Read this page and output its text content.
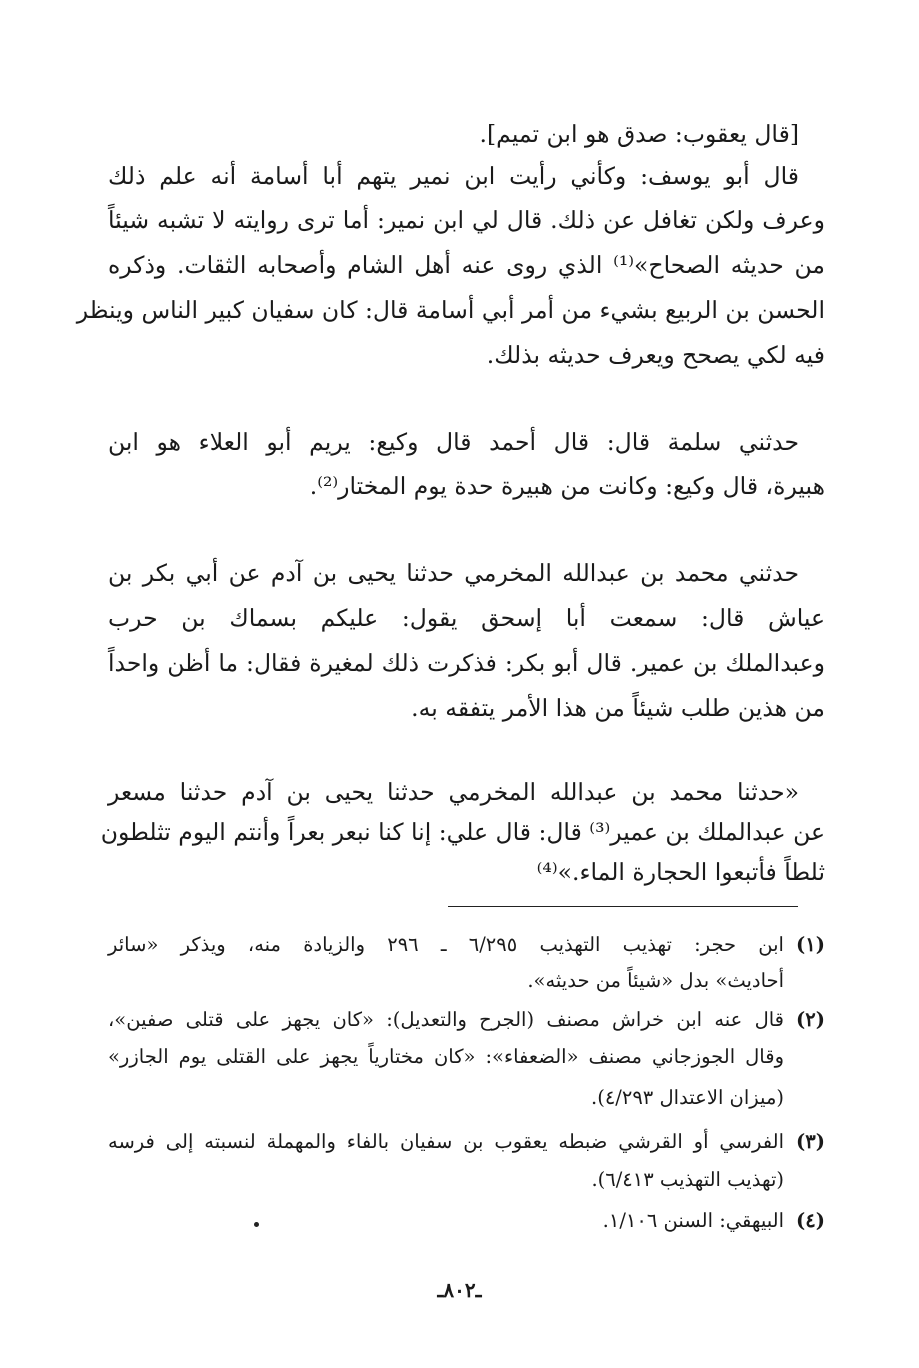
[قال يعقوب: صدق هو ابن تميم].
قال أبو يوسف: وكأني رأيت ابن نمير يتهم أبا أسامة أنه علم ذلك
وعرف ولكن تغافل عن ذلك. قال لي ابن نمير: أما ترى روايته لا تشبه شيئاً
من حديثه الصحاح»⁽¹⁾ الذي روى عنه أهل الشام وأصحابه الثقات. وذكره
الحسن بن الربيع بشيء من أمر أبي أسامة قال: كان سفيان كبير الناس وينظر
فيه لكي يصحح ويعرف حديثه بذلك.
حدثني سلمة قال: قال أحمد قال وكيع: يريم أبو العلاء هو ابن
هبيرة، قال وكيع: وكانت من هبيرة حدة يوم المختار⁽²⁾.
حدثني محمد بن عبدالله المخرمي حدثنا يحيى بن آدم عن أبي بكر بن
عياش قال: سمعت أبا إسحق يقول: عليكم بسماك بن حرب
وعبدالملك بن عمير. قال أبو بكر: فذكرت ذلك لمغيرة فقال: ما أظن واحداً
من هذين طلب شيئاً من هذا الأمر يتفقه به.
«حدثنا محمد بن عبدالله المخرمي حدثنا يحيى بن آدم حدثنا مسعر
عن عبدالملك بن عمير⁽³⁾ قال: قال علي: إنا كنا نبعر بعراً وأنتم اليوم تثلطون
ثلطاً فأتبعوا الحجارة الماء.»⁽⁴⁾
(١)
ابن حجر: تهذيب التهذيب ٦/٢٩٥ ـ ٢٩٦ والزيادة منه، ويذكر «سائر
أحاديث» بدل «شيئاً من حديثه».
(٢)
قال عنه ابن خراش مصنف (الجرح والتعديل): «كان يجهز على قتلى صفين»،
وقال الجوزجاني مصنف «الضعفاء»: «كان مختارياً يجهز على القتلى يوم الجازر»
(ميزان الاعتدال ٤/٢٩٣).
(٣)
الفرسي أو القرشي ضبطه يعقوب بن سفيان بالفاء والمهملة لنسبته إلى فرسه
(تهذيب التهذيب ٦/٤١٣).
(٤)
البيهقي: السنن ١/١٠٦.
ـ٨٠٢ـ
